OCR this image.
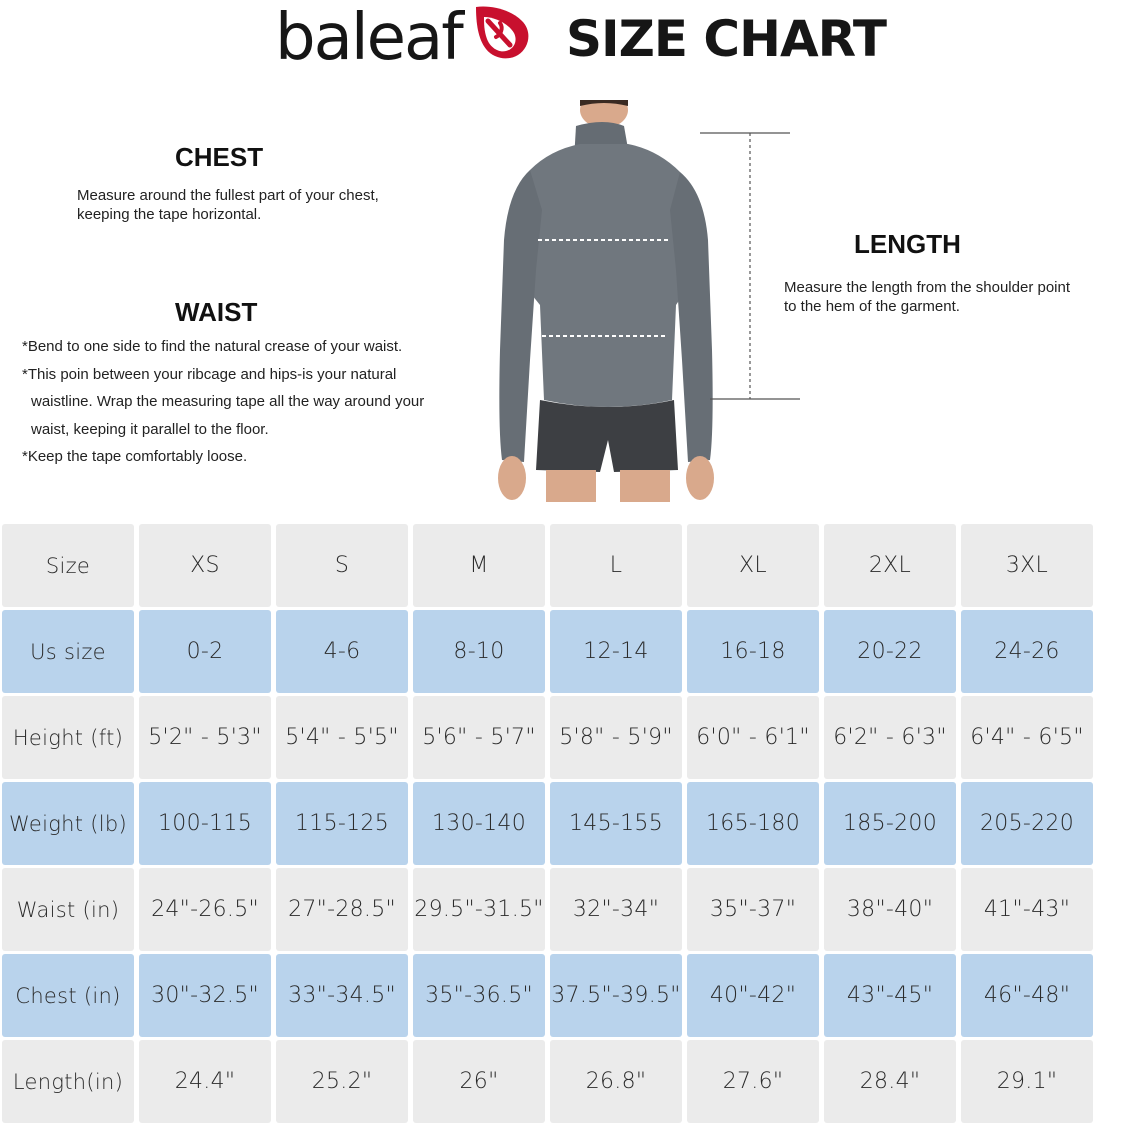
baleaf SIZE CHART
CHEST
Measure around the fullest part of your chest, keeping the tape horizontal.
WAIST
*Bend to one side to find the natural crease of your waist.
*This poin between your ribcage and hips-is your natural waistline. Wrap the measuring tape all the way around your waist, keeping it parallel to the floor.
*Keep the tape comfortably loose.
LENGTH
Measure the length from the shoulder point to the hem of the garment.
Size	XS	S	M	L	XL	2XL	3XL
Us size	0-2	4-6	8-10	12-14	16-18	20-22	24-26
Height (ft)	5'2" - 5'3"	5'4" - 5'5"	5'6" - 5'7"	5'8" - 5'9"	6'0" - 6'1"	6'2" - 6'3"	6'4" - 6'5"
Weight (lb)	100-115	115-125	130-140	145-155	165-180	185-200	205-220
Waist (in)	24"-26.5"	27"-28.5"	29.5"-31.5"	32"-34"	35"-37"	38"-40"	41"-43"
Chest (in)	30"-32.5"	33"-34.5"	35"-36.5"	37.5"-39.5"	40"-42"	43"-45"	46"-48"
Length(in)	24.4"	25.2"	26"	26.8"	27.6"	28.4"	29.1"
